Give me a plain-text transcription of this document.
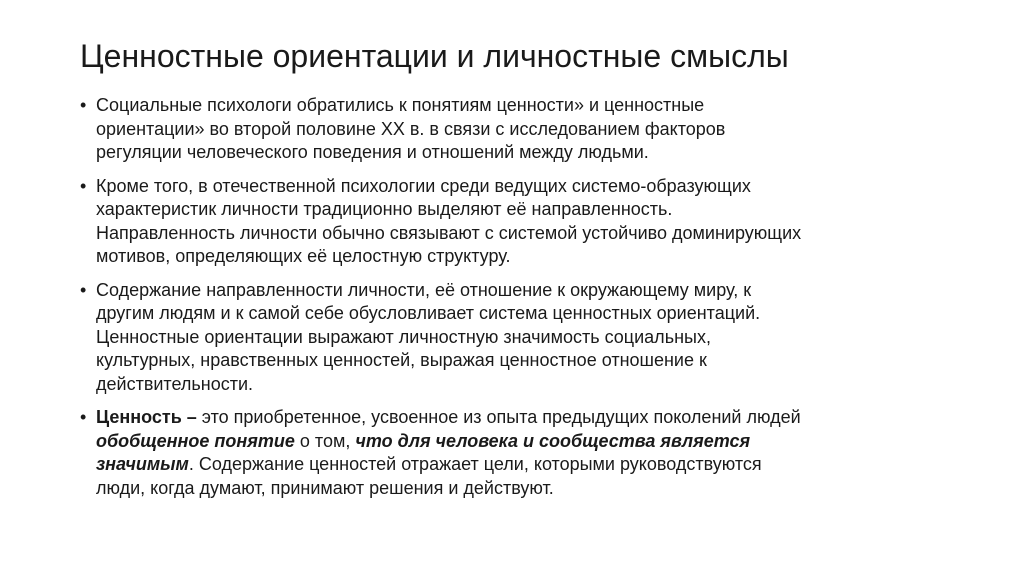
Ценностные ориентации и личностные смыслы
• Социальные психологи обратились к понятиям ценности» и ценностные
ориентации» во второй половине ХХ в. в связи с исследованием факторов
регуляции человеческого поведения и отношений между людьми.
• Кроме того, в отечественной психологии среди ведущих системо-образующих
характеристик личности традиционно выделяют её направленность.
Направленность личности обычно связывают с системой устойчиво доминирующих
мотивов, определяющих её целостную структуру.
• Содержание направленности личности, её отношение к окружающему миру, к
другим людям и к самой себе обусловливает система ценностных ориентаций.
Ценностные ориентации выражают личностную значимость социальных,
культурных, нравственных ценностей, выражая ценностное отношение к
действительности.
• Ценность – это приобретенное, усвоенное из опыта предыдущих поколений людей
обобщенное понятие о том, что для человека и сообщества является
значимым. Содержание ценностей отражает цели, которыми руководствуются
люди, когда думают, принимают решения и действуют.
